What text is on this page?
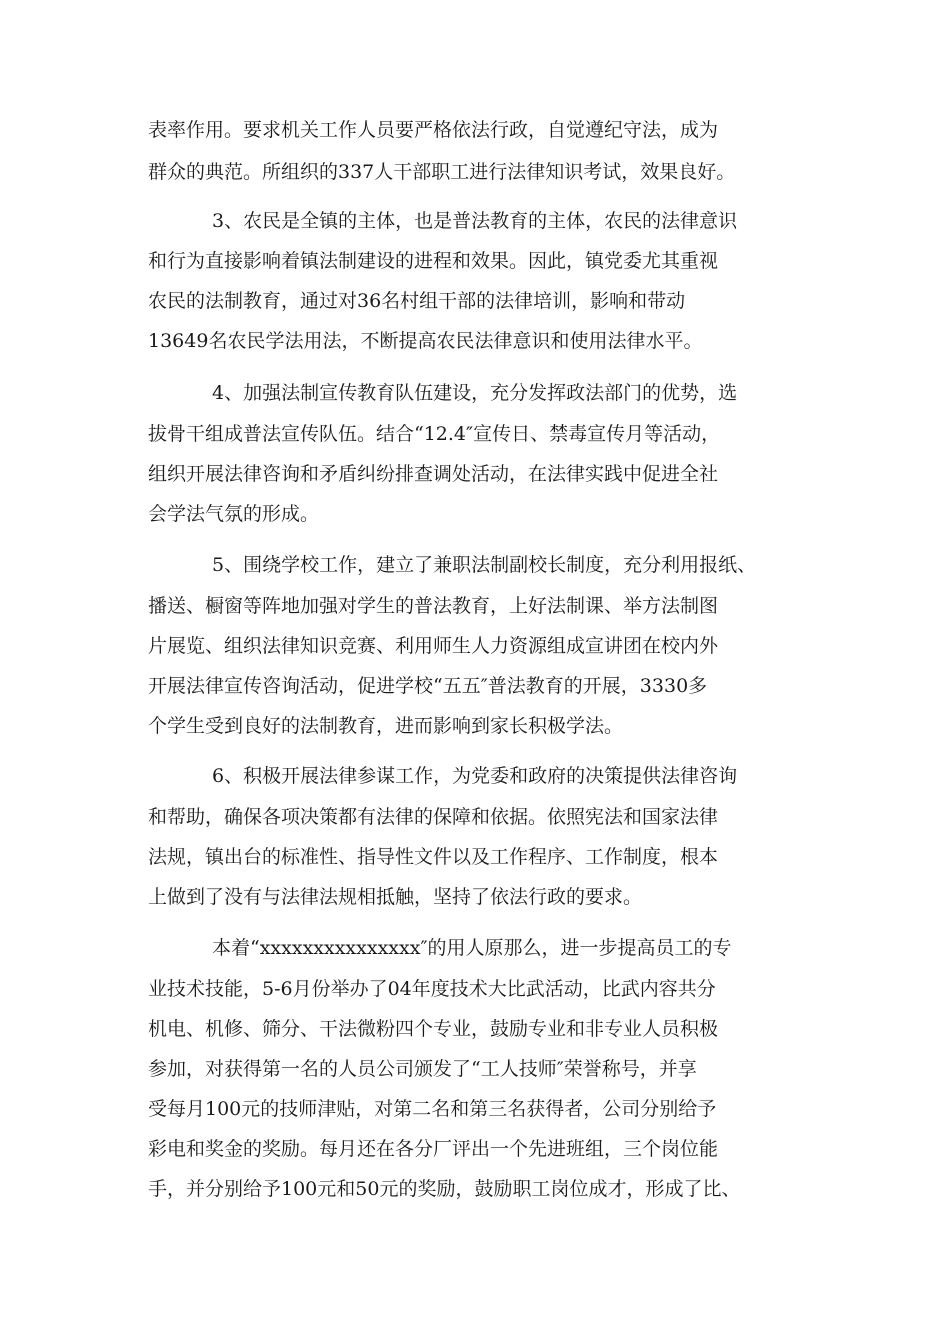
表率作用。要求机关工作人员要严格依法行政，自觉遵纪守法，成为
群众的典范。所组织的337人干部职工进行法律知识考试，效果良好。
3、农民是全镇的主体，也是普法教育的主体，农民的法律意识
和行为直接影响着镇法制建设的进程和效果。因此，镇党委尤其重视
农民的法制教育，通过对36名村组干部的法律培训，影响和带动
13649名农民学法用法，不断提高农民法律意识和使用法律水平。
4、加强法制宣传教育队伍建设，充分发挥政法部门的优势，选
拔骨干组成普法宣传队伍。结合“12.4″宣传日、禁毒宣传月等活动，
组织开展法律咨询和矛盾纠纷排查调处活动，在法律实践中促进全社
会学法气氛的形成。
5、围绕学校工作，建立了兼职法制副校长制度，充分利用报纸、
播送、橱窗等阵地加强对学生的普法教育，上好法制课、举方法制图
片展览、组织法律知识竞赛、利用师生人力资源组成宣讲团在校内外
开展法律宣传咨询活动，促进学校“五五″普法教育的开展，3330多
个学生受到良好的法制教育，进而影响到家长积极学法。
6、积极开展法律参谋工作，为党委和政府的决策提供法律咨询
和帮助，确保各项决策都有法律的保障和依据。依照宪法和国家法律
法规，镇出台的标准性、指导性文件以及工作程序、工作制度，根本
上做到了没有与法律法规相抵触，坚持了依法行政的要求。
本着“xxxxxxxxxxxxxxx″的用人原那么，进一步提高员工的专
业技术技能，5-6月份举办了04年度技术大比武活动，比武内容共分
机电、机修、筛分、干法微粉四个专业，鼓励专业和非专业人员积极
参加，对获得第一名的人员公司颁发了“工人技师″荣誉称号，并享
受每月100元的技师津贴，对第二名和第三名获得者，公司分别给予
彩电和奖金的奖励。每月还在各分厂评出一个先进班组，三个岗位能
手，并分别给予100元和50元的奖励，鼓励职工岗位成才，形成了比、
